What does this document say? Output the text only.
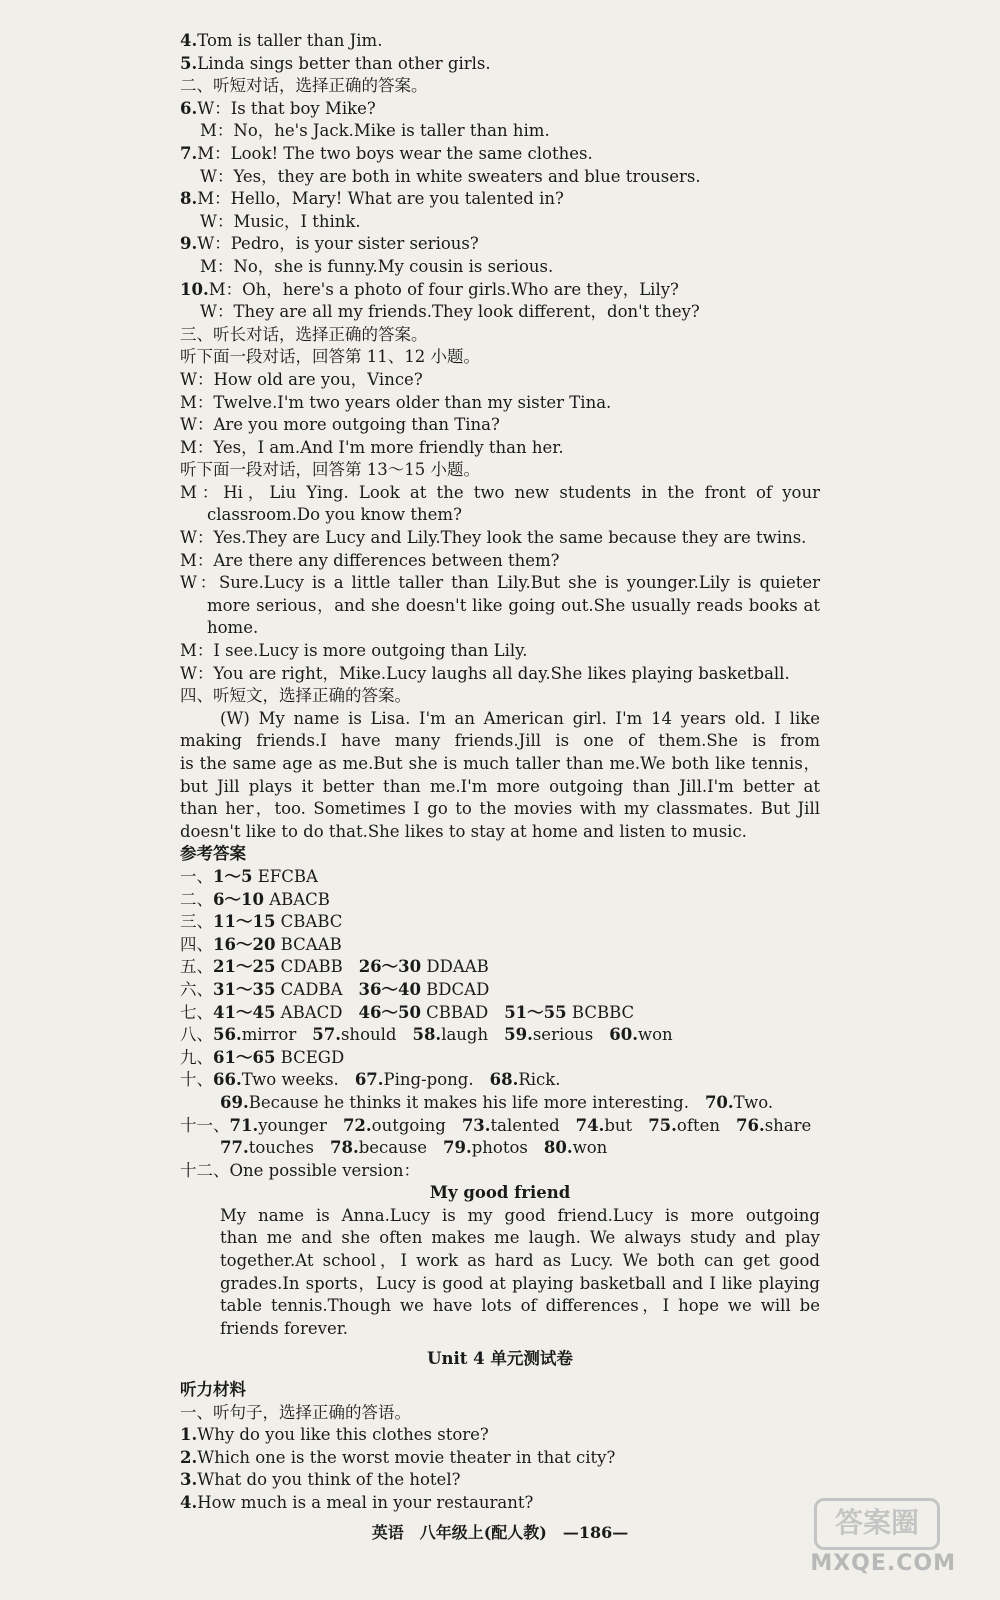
4.Tom is taller than Jim.
5.Linda sings better than other girls.
二、听短对话，选择正确的答案。
6.W：Is that boy Mike?
M：No，he's Jack.Mike is taller than him.
7.M：Look! The two boys wear the same clothes.
W：Yes，they are both in white sweaters and blue trousers.
8.M：Hello，Mary! What are you talented in?
W：Music，I think.
9.W：Pedro，is your sister serious?
M：No，she is funny.My cousin is serious.
10.M：Oh，here's a photo of four girls.Who are they，Lily?
W：They are all my friends.They look different，don't they?
三、听长对话，选择正确的答案。
听下面一段对话，回答第 11、12 小题。
W：How old are you，Vince?
M：Twelve.I'm two years older than my sister Tina.
W：Are you more outgoing than Tina?
M：Yes，I am.And I'm more friendly than her.
听下面一段对话，回答第 13～15 小题。
M：Hi，Liu Ying. Look at the two new students in the front of your
classroom.Do you know them?
W：Yes.They are Lucy and Lily.They look the same because they are twins.
M：Are there any differences between them?
W：Sure.Lucy is a little taller than Lily.But she is younger.Lily is quieter
more serious，and she doesn't like going out.She usually reads books at
home.
M：I see.Lucy is more outgoing than Lily.
W：You are right，Mike.Lucy laughs all day.She likes playing basketball.
四、听短文，选择正确的答案。
(W) My name is Lisa. I'm an American girl. I'm 14 years old. I like
making friends.I have many friends.Jill is one of them.She is from
is the same age as me.But she is much taller than me.We both like tennis，
but Jill plays it better than me.I'm more outgoing than Jill.I'm better at
than her，too. Sometimes I go to the movies with my classmates. But Jill
doesn't like to do that.She likes to stay at home and listen to music.
参考答案
一、1～5 EFCBA
二、6～10 ABACB
三、11～15 CBABC
四、16～20 BCAAB
五、21～25 CDABB 26～30 DDAAB
六、31～35 CADBA 36～40 BDCAD
七、41～45 ABACD 46～50 CBBAD 51～55 BCBBC
八、56.mirror 57.should 58.laugh 59.serious 60.won
九、61～65 BCEGD
十、66.Two weeks. 67.Ping-pong. 68.Rick.
69.Because he thinks it makes his life more interesting. 70.Two.
十一、71.younger 72.outgoing 73.talented 74.but 75.often 76.share
77.touches 78.because 79.photos 80.won
十二、One possible version：
My good friend
My name is Anna.Lucy is my good friend.Lucy is more outgoing
than me and she often makes me laugh. We always study and play
together.At school，I work as hard as Lucy. We both can get good
grades.In sports，Lucy is good at playing basketball and I like playing
table tennis.Though we have lots of differences，I hope we will be
friends forever.
Unit 4 单元测试卷
听力材料
一、听句子，选择正确的答语。
1.Why do you like this clothes store?
2.Which one is the worst movie theater in that city?
3.What do you think of the hotel?
4.How much is a meal in your restaurant?
英语　八年级上(配人教)　—186—	答案圈
MXQE.COM
